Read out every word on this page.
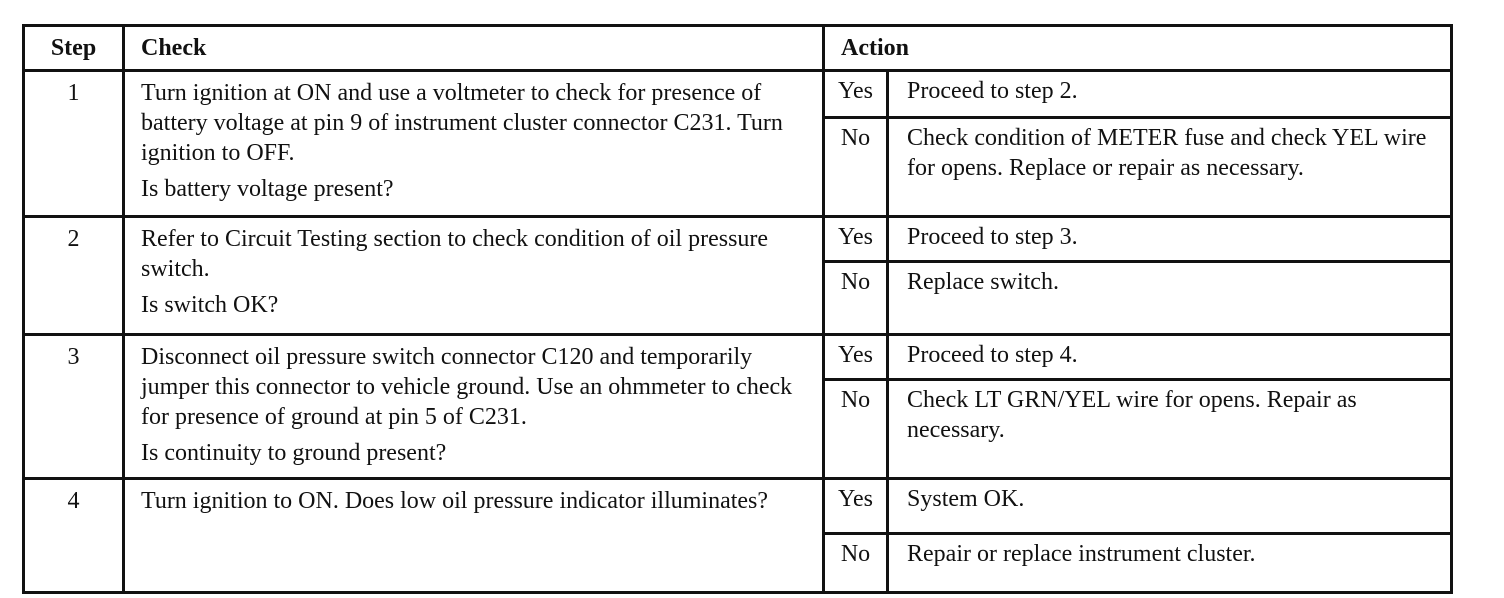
Step	Check	Action	
1	Turn ignition at ON and use a voltmeter to check for presence of battery voltage at pin 9 of instrument cluster connector C231. Turn ignition to OFF.
Is battery voltage present?	Yes	Proceed to step 2.
		No	Check condition of METER fuse and check YEL wire for opens. Replace or repair as necessary.
2	Refer to Circuit Testing section to check condition of oil pressure switch.
Is switch OK?	Yes	Proceed to step 3.
		No	Replace switch.
3	Disconnect oil pressure switch connector C120 and temporarily jumper this connector to vehicle ground. Use an ohmmeter to check for presence of ground at pin 5 of C231.
Is continuity to ground present?	Yes	Proceed to step 4.
		No	Check LT GRN/YEL wire for opens. Repair as necessary.
4	Turn ignition to ON. Does low oil pressure indicator illuminates?	Yes	System OK.
		No	Repair or replace instrument cluster.
